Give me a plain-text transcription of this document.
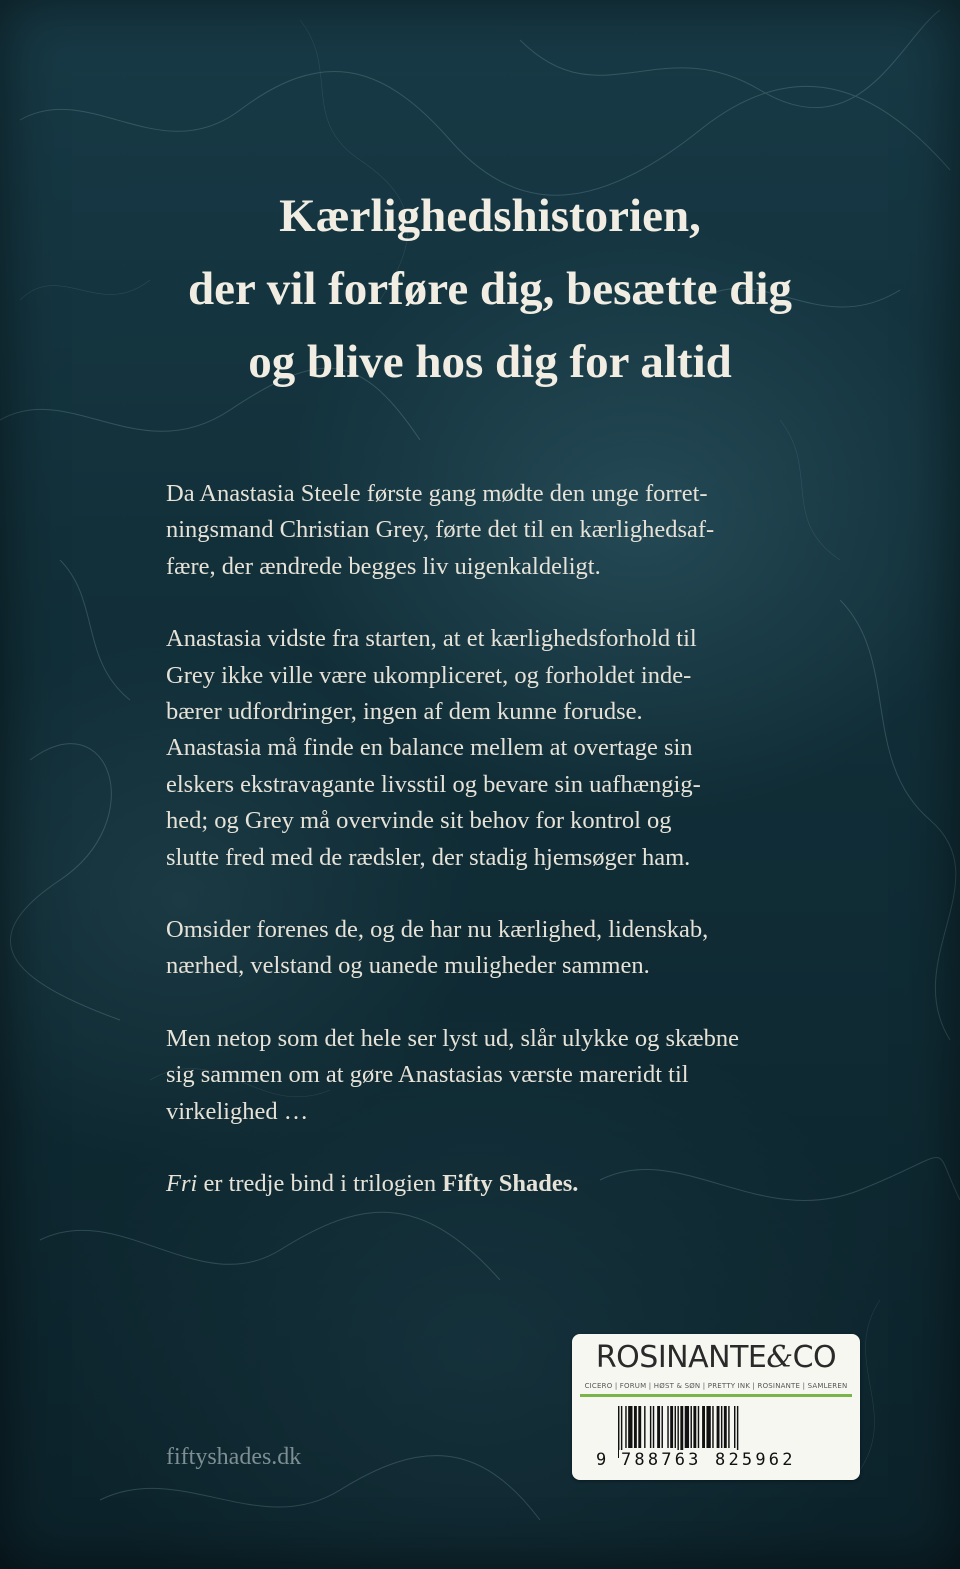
Kærlighedshistorien,
der vil forføre dig, besætte dig
og blive hos dig for altid
Da Anastasia Steele første gang mødte den unge forret-
ningsmand Christian Grey, førte det til en kærlighedsaf-
fære, der ændrede begges liv uigenkaldeligt.
Anastasia vidste fra starten, at et kærlighedsforhold til
Grey ikke ville være ukompliceret, og forholdet inde-
bærer udfordringer, ingen af dem kunne forudse.
Anastasia må finde en balance mellem at overtage sin
elskers ekstravagante livsstil og bevare sin uafhængig-
hed; og Grey må overvinde sit behov for kontrol og
slutte fred med de rædsler, der stadig hjemsøger ham.
Omsider forenes de, og de har nu kærlighed, lidenskab,
nærhed, velstand og uanede muligheder sammen.
Men netop som det hele ser lyst ud, slår ulykke og skæbne
sig sammen om at gøre Anastasias værste mareridt til
virkelighed …
Fri er tredje bind i trilogien Fifty Shades.
fiftyshades.dk
ROSINANTE&CO
CICERO | FORUM | HØST & SØN | PRETTY INK | ROSINANTE | SAMLEREN
9 788763 825962
